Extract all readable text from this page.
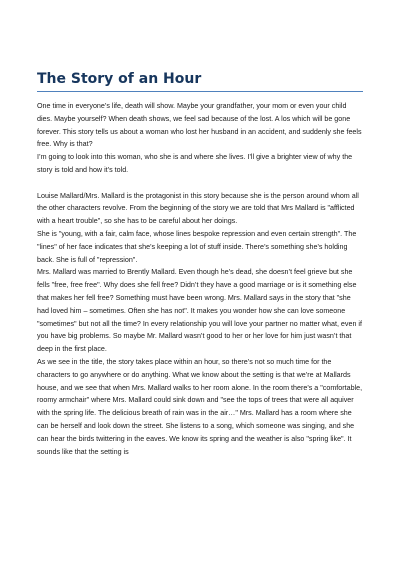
The Story of an Hour

One time in everyone’s life, death will show. Maybe your grandfather, your mom or even your child dies. Maybe yourself? When death shows, we feel sad because of the lost. A los which will be gone forever. This story tells us about a woman who lost her husband in an accident, and suddenly she feels free. Why is that?

I’m going to look into this woman, who she is and where she lives. I’ll give a brighter view of why the story is told and how it’s told.

Louise Mallard/Mrs. Mallard is the protagonist in this story because she is the person around whom all the other characters revolve. From the beginning of the story we are told that Mrs Mallard is "afflicted with a heart trouble", so she has to be careful about her doings.

She is "young, with a fair, calm face, whose lines bespoke repression and even certain strength". The "lines" of her face indicates that she’s keeping a lot of stuff inside. There’s something she’s holding back. She is full of "repression".

Mrs. Mallard was married to Brently Mallard. Even though he’s dead, she doesn’t feel grieve but she fells "free, free free". Why does she fell free? Didn’t they have a good marriage or is it something else that makes her fell free? Something must have been wrong. Mrs. Mallard says in the story that "she had loved him – sometimes. Often she has not". It makes you wonder how she can love someone "sometimes" but not all the time? In every relationship you will love your partner no matter what, even if you have big problems. So maybe Mr. Mallard wasn’t good to her or her love for him just wasn’t that deep in the first place.

As we see in the title, the story takes place within an hour, so there’s not so much time for the characters to go anywhere or do anything. What we know about the setting is that we’re at Mallards house, and we see that when Mrs. Mallard walks to her room alone. In the room there’s a "comfortable, roomy armchair" where Mrs. Mallard could sink down and "see the tops of trees that were all aquiver with the spring life. The delicious breath of rain was in the air…" Mrs. Mallard has a room where she can be herself and look down the street. She listens to a song, which someone was singing, and she can hear the birds twittering in the eaves. We know its spring and the weather is also "spring like". It sounds like that the setting is
